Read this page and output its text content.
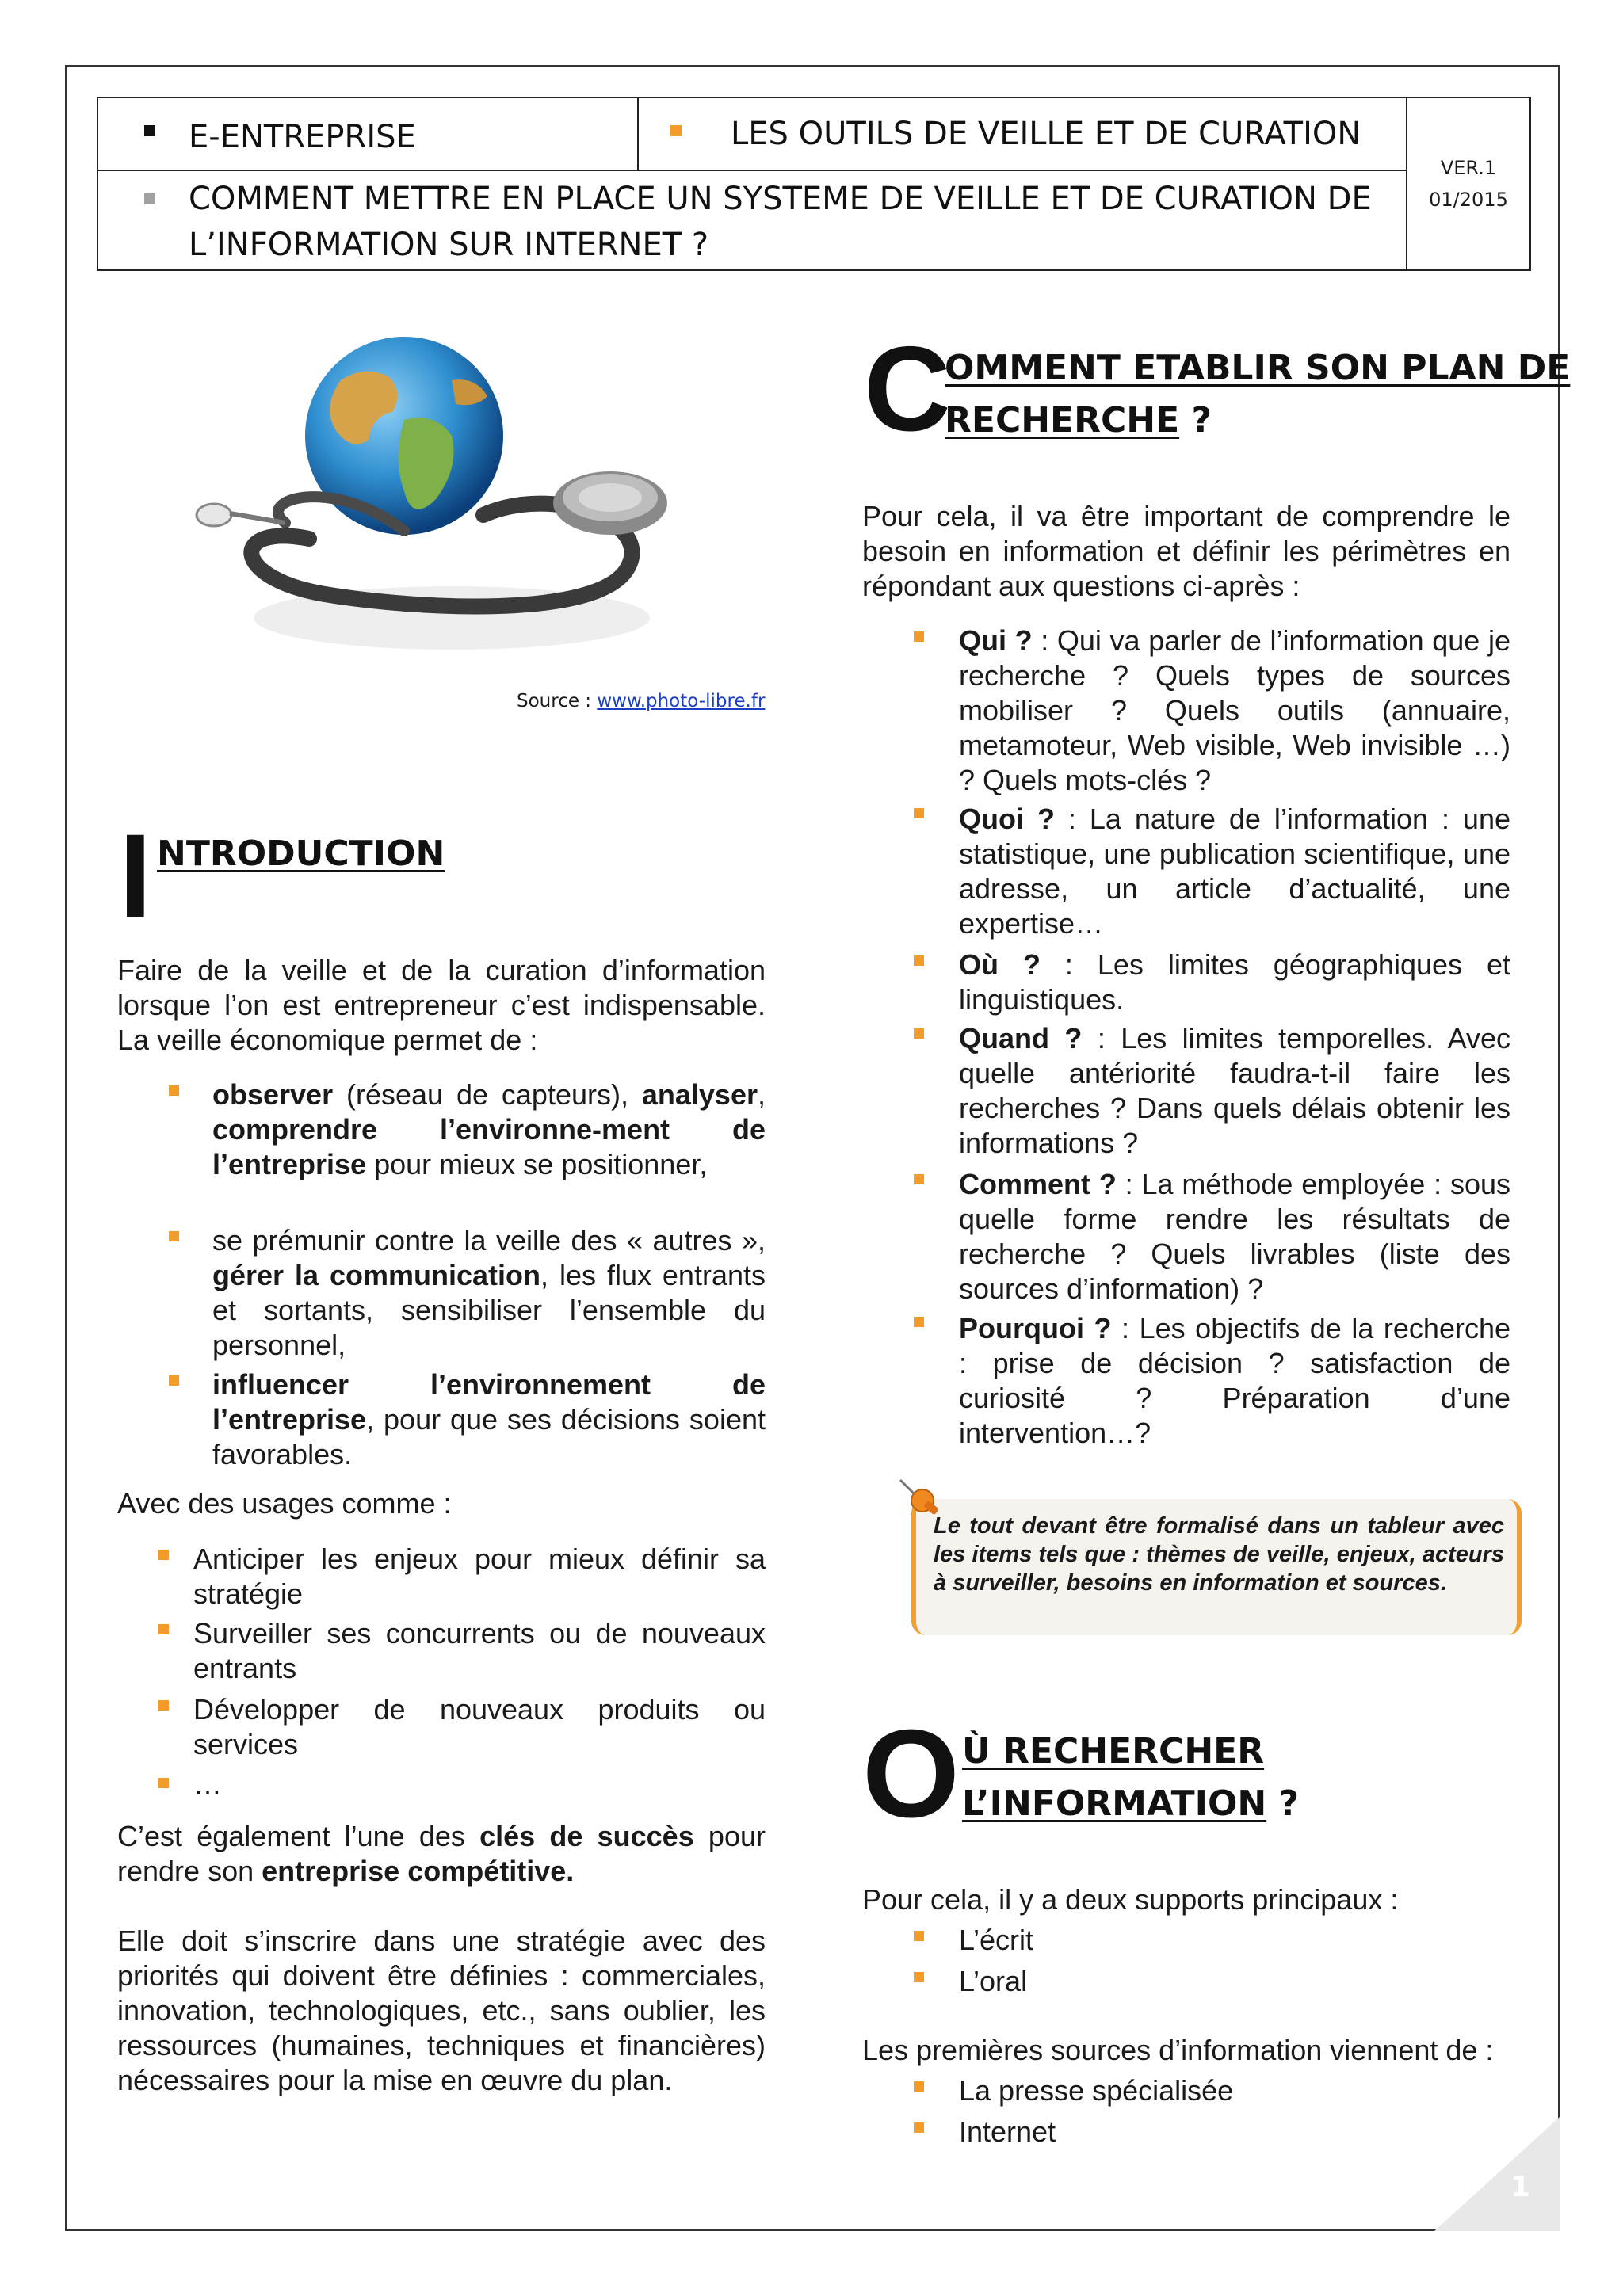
E-ENTREPRISE	LES OUTILS DE VEILLE ET DE CURATION
COMMENT METTRE EN PLACE UN SYSTEME DE VEILLE ET DE CURATION DE
L’INFORMATION SUR INTERNET ?
VER.1
01/2015
Source : www.photo-libre.fr
I NTRODUCTION

Faire de la veille et de la curation d’information lorsque l’on est entrepreneur c’est indispensable. La veille économique permet de :

observer (réseau de capteurs), analyser, comprendre l’environne-ment de l’entreprise pour mieux se positionner,
se prémunir contre la veille des « autres », gérer la communication, les flux entrants et sortants, sensibiliser l’ensemble du personnel,
influencer l’environnement de l’entreprise, pour que ses décisions soient favorables.

Avec des usages comme :

Anticiper les enjeux pour mieux définir sa stratégie
Surveiller ses concurrents ou de nouveaux entrants
Développer de nouveaux produits ou services
…

C’est également l’une des clés de succès pour rendre son entreprise compétitive.

Elle doit s’inscrire dans une stratégie avec des priorités qui doivent être définies : commerciales, innovation, technologiques, etc., sans oublier, les ressources (humaines, techniques et financières) nécessaires pour la mise en œuvre du plan.

C
OMMENT ETABLIR SON PLAN DE
RECHERCHE ?

Pour cela, il va être important de comprendre le besoin en information et définir les périmètres en répondant aux questions ci-après :

Qui ? : Qui va parler de l’information que je recherche ? Quels types de sources mobiliser ? Quels outils (annuaire, metamoteur, Web visible, Web invisible …) ? Quels mots-clés ?
Quoi ? : La nature de l’information : une statistique, une publication scientifique, une adresse, un article d’actualité, une expertise…
Où ? : Les limites géographiques et linguistiques.
Quand ? : Les limites temporelles. Avec quelle antériorité faudra-t-il faire les recherches ? Dans quels délais obtenir les informations ?
Comment ? : La méthode employée : sous quelle forme rendre les résultats de recherche ? Quels livrables (liste des sources d’information) ?
Pourquoi ? : Les objectifs de la recherche : prise de décision ? satisfaction de curiosité ? Préparation d’une intervention…?
Le tout devant être formalisé dans un tableur avec les items tels que : thèmes de veille, enjeux, acteurs à surveiller, besoins en information et sources.
O Ù RECHERCHER
L’INFORMATION ?

Pour cela, il y a deux supports principaux :

L’écrit
L’oral

Les premières sources d’information viennent de :

La presse spécialisée
Internet
1
